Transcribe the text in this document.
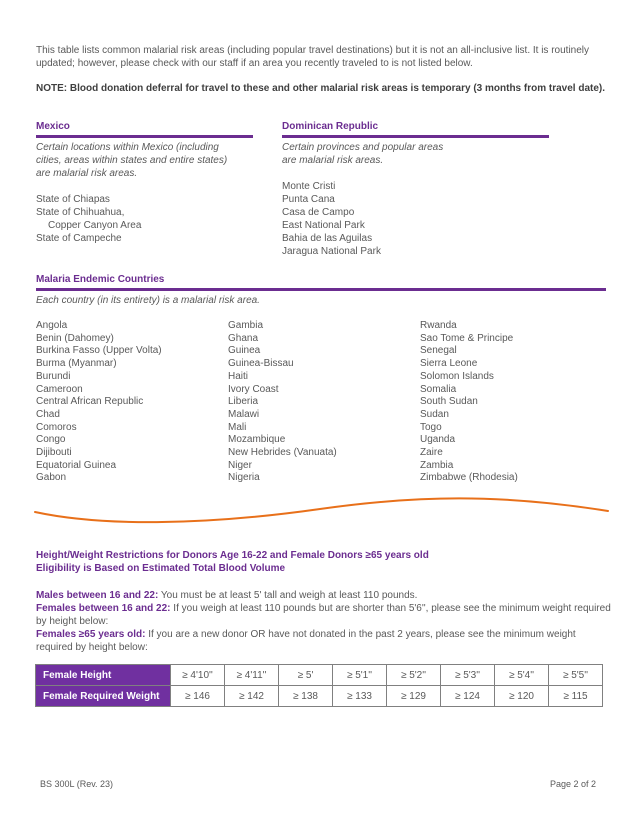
This table lists common malarial risk areas (including popular travel destinations) but it is not an all-inclusive list. It is routinely updated; however, please check with our staff if an area you recently traveled to is not listed below.
NOTE: Blood donation deferral for travel to these and other malarial risk areas is temporary (3 months from travel date).
Mexico
Certain locations within Mexico (including
cities, areas within states and entire states)
are malarial risk areas.
State of Chiapas
State of Chihuahua,
Copper Canyon Area
State of Campeche
Dominican Republic
Certain provinces and popular areas
are malarial risk areas.
Monte Cristi
Punta Cana
Casa de Campo
East National Park
Bahia de las Aguilas
Jaragua National Park
Malaria Endemic Countries
Each country (in its entirety) is a malarial risk area.
Angola
Benin (Dahomey)
Burkina Fasso (Upper Volta)
Burma (Myanmar)
Burundi
Cameroon
Central African Republic
Chad
Comoros
Congo
Dijibouti
Equatorial Guinea
Gabon
Gambia
Ghana
Guinea
Guinea-Bissau
Haiti
Ivory Coast
Liberia
Malawi
Mali
Mozambique
New Hebrides (Vanuata)
Niger
Nigeria
Rwanda
Sao Tome & Principe
Senegal
Sierra Leone
Solomon Islands
Somalia
South Sudan
Sudan
Togo
Uganda
Zaire
Zambia
Zimbabwe (Rhodesia)
Height/Weight Restrictions for Donors Age 16-22 and Female Donors ≥65 years old
Eligibility is Based on Estimated Total Blood Volume
Males between 16 and 22: You must be at least 5' tall and weigh at least 110 pounds.
Females between 16 and 22: If you weigh at least 110 pounds but are shorter than 5'6'', please see the minimum weight required by height below:
Females ≥65 years old: If you are a new donor OR have not donated in the past 2 years, please see the minimum weight required by height below:
Female Height	≥ 4'10''	≥ 4'11''	≥ 5'	≥ 5'1''	≥ 5'2''	≥ 5'3''	≥ 5'4''	≥ 5'5''
Female Required Weight	≥ 146	≥ 142	≥ 138	≥ 133	≥ 129	≥ 124	≥ 120	≥ 115
BS 300L (Rev. 23)	Page 2 of 2
